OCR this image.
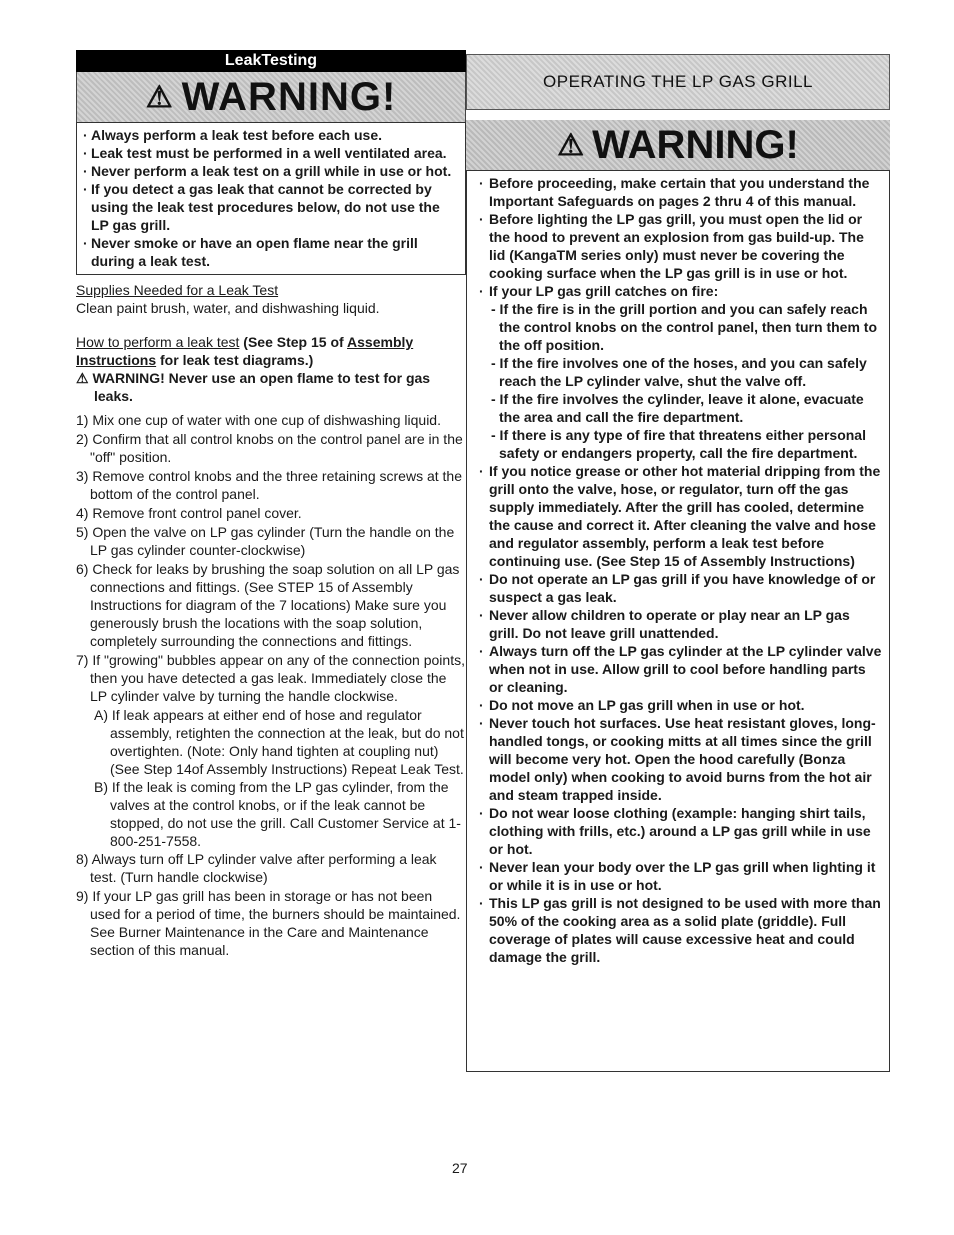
LeakTesting
⚠ WARNING!
· Always perform a leak test before each use.
· Leak test must be performed in a well ventilated area.
· Never perform a leak test on a grill while in use or hot.
· If you detect a gas leak that cannot be corrected by using the leak test procedures below, do not use the LP gas grill.
· Never smoke or have an open flame near the grill during a leak test.
Supplies Needed for a Leak Test
Clean paint brush, water, and dishwashing liquid.
How to perform a leak test (See Step 15 of Assembly Instructions for leak test diagrams.)
⚠ WARNING! Never use an open flame to test for gas leaks.
1) Mix one cup of water with one cup of dishwashing liquid.
2) Confirm that all control knobs on the control panel are in the "off" position.
3) Remove control knobs and the three retaining screws at the bottom of the control panel.
4) Remove front control panel cover.
5) Open the valve on LP gas cylinder (Turn the handle on the LP gas cylinder counter-clockwise)
6) Check for leaks by brushing the soap solution on all LP gas connections and fittings. (See STEP 15 of Assembly Instructions for diagram of the 7 locations) Make sure you generously brush the locations with the soap solution, completely surrounding the connections and fittings.
7) If "growing" bubbles appear on any of the connection points, then you have detected a gas leak. Immediately close the LP cylinder valve by turning the handle clockwise.
A) If leak appears at either end of hose and regulator assembly, retighten the connection at the leak, but do not overtighten. (Note: Only hand tighten at coupling nut) (See Step 14of Assembly Instructions) Repeat Leak Test.
B) If the leak is coming from the LP gas cylinder, from the valves at the control knobs, or if the leak cannot be stopped, do not use the grill. Call Customer Service at 1-800-251-7558.
8) Always turn off LP cylinder valve after performing a leak test. (Turn handle clockwise)
9) If your LP gas grill has been in storage or has not been used for a period of time, the burners should be maintained. See Burner Maintenance in the Care and Maintenance section of this manual.
OPERATING THE LP GAS GRILL
⚠ WARNING!
· Before proceeding, make certain that you understand the Important Safeguards on pages 2 thru 4 of this manual.
· Before lighting the LP gas grill, you must open the lid or the hood to prevent an explosion from gas build-up. The lid (KangaTM series only) must never be covering the cooking surface when the LP gas grill is in use or hot.
· If your LP gas grill catches on fire:
- If the fire is in the grill portion and you can safely reach the control knobs on the control panel, then turn them to the off position.
- If the fire involves one of the hoses, and you can safely reach the LP cylinder valve, shut the valve off.
- If the fire involves the cylinder, leave it alone, evacuate the area and call the fire department.
- If there is any type of fire that threatens either personal safety or endangers property, call the fire department.
· If you notice grease or other hot material dripping from the grill onto the valve, hose, or regulator, turn off the gas supply immediately. After the grill has cooled, determine the cause and correct it. After cleaning the valve and hose and regulator assembly, perform a leak test before continuing use. (See Step 15 of Assembly Instructions)
· Do not operate an LP gas grill if you have knowledge of or suspect a gas leak.
· Never allow children to operate or play near an LP gas grill. Do not leave grill unattended.
· Always turn off the LP gas cylinder at the LP cylinder valve when not in use. Allow grill to cool before handling parts or cleaning.
· Do not move an LP gas grill when in use or hot.
· Never touch hot surfaces. Use heat resistant gloves, long-handled tongs, or cooking mitts at all times since the grill will become very hot. Open the hood carefully (Bonza model only) when cooking to avoid burns from the hot air and steam trapped inside.
· Do not wear loose clothing (example: hanging shirt tails, clothing with frills, etc.) around a LP gas grill while in use or hot.
· Never lean your body over the LP gas grill when lighting it or while it is in use or hot.
· This LP gas grill is not designed to be used with more than 50% of the cooking area as a solid plate (griddle). Full coverage of plates will cause excessive heat and could damage the grill.
27
